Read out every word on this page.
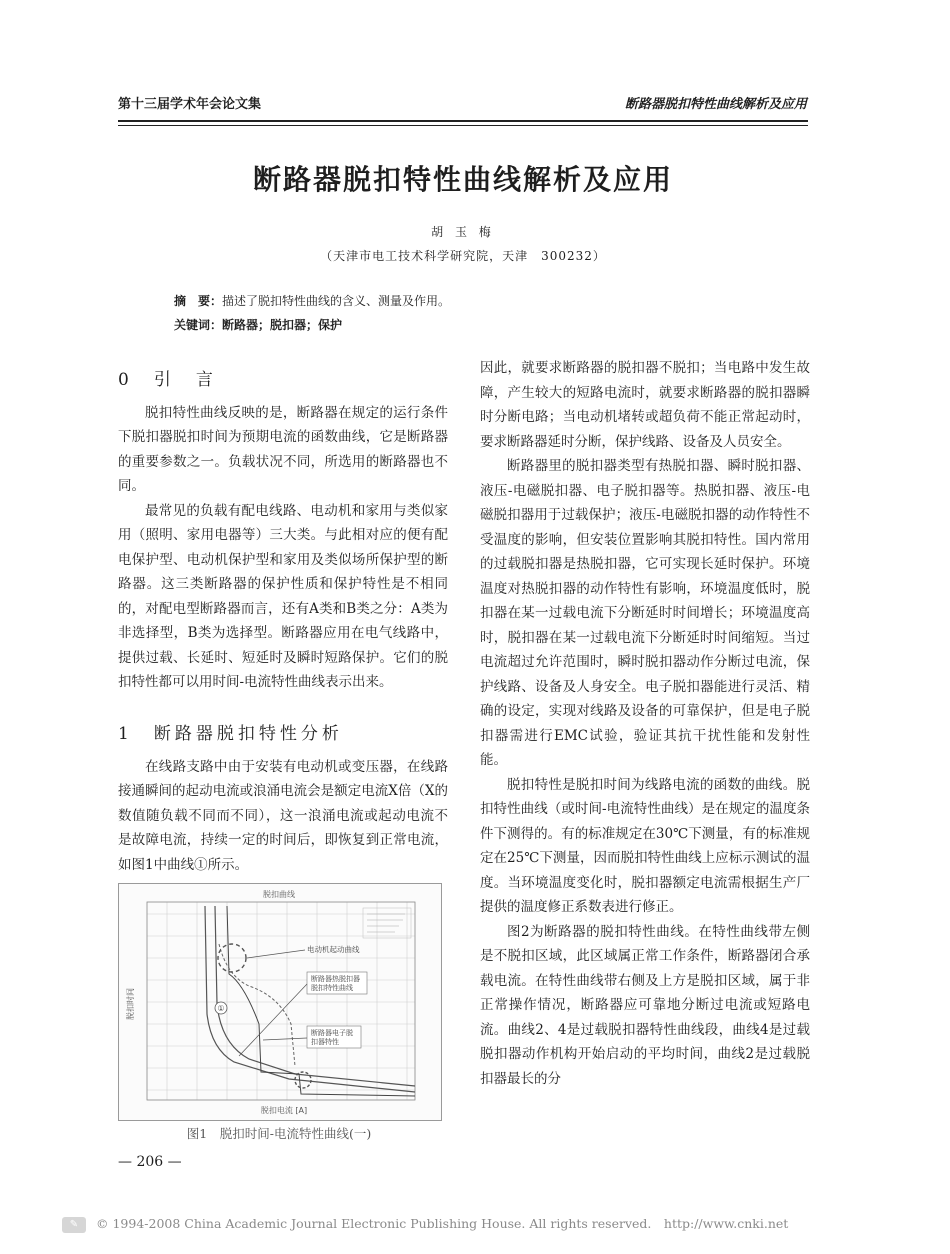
第十三届学术年会论文集	断路器脱扣特性曲线解析及应用
断路器脱扣特性曲线解析及应用
胡 玉 梅
（天津市电工技术科学研究院，天津　300232）
摘　要：描述了脱扣特性曲线的含义、测量及作用。
关键词：断路器；脱扣器；保护
0　引　言

脱扣特性曲线反映的是，断路器在规定的运行条件下脱扣器脱扣时间为预期电流的函数曲线，它是断路器的重要参数之一。负载状况不同，所选用的断路器也不同。

最常见的负载有配电线路、电动机和家用与类似家用（照明、家用电器等）三大类。与此相对应的便有配电保护型、电动机保护型和家用及类似场所保护型的断路器。这三类断路器的保护性质和保护特性是不相同的，对配电型断路器而言，还有A类和B类之分：A类为非选择型，B类为选择型。断路器应用在电气线路中，提供过载、长延时、短延时及瞬时短路保护。它们的脱扣特性都可以用时间-电流特性曲线表示出来。

1　断路器脱扣特性分析

在线路支路中由于安装有电动机或变压器，在线路接通瞬间的起动电流或浪涌电流会是额定电流X倍（X的数值随负载不同而不同），这一浪涌电流或起动电流不是故障电流，持续一定的时间后，即恢复到正常电流，如图1中曲线①所示。

脱扣曲线
脱扣时间
脱扣电流 [A]
①
电动机起动曲线
断路器热脱扣器
脱扣特性曲线
断路器电子脱
扣器特性
图1　脱扣时间-电流特性曲线(一)

因此，就要求断路器的脱扣器不脱扣；当电路中发生故障，产生较大的短路电流时，就要求断路器的脱扣器瞬时分断电路；当电动机堵转或超负荷不能正常起动时，要求断路器延时分断，保护线路、设备及人员安全。

断路器里的脱扣器类型有热脱扣器、瞬时脱扣器、液压-电磁脱扣器、电子脱扣器等。热脱扣器、液压-电磁脱扣器用于过载保护；液压-电磁脱扣器的动作特性不受温度的影响，但安装位置影响其脱扣特性。国内常用的过载脱扣器是热脱扣器，它可实现长延时保护。环境温度对热脱扣器的动作特性有影响，环境温度低时，脱扣器在某一过载电流下分断延时时间增长；环境温度高时，脱扣器在某一过载电流下分断延时时间缩短。当过电流超过允许范围时，瞬时脱扣器动作分断过电流，保护线路、设备及人身安全。电子脱扣器能进行灵活、精确的设定，实现对线路及设备的可靠保护，但是电子脱扣器需进行EMC试验，验证其抗干扰性能和发射性能。

脱扣特性是脱扣时间为线路电流的函数的曲线。脱扣特性曲线（或时间-电流特性曲线）是在规定的温度条件下测得的。有的标准规定在30℃下测量，有的标准规定在25℃下测量，因而脱扣特性曲线上应标示测试的温度。当环境温度变化时，脱扣器额定电流需根据生产厂提供的温度修正系数表进行修正。

图2为断路器的脱扣特性曲线。在特性曲线带左侧是不脱扣区域，此区域属正常工作条件，断路器闭合承载电流。在特性曲线带右侧及上方是脱扣区域，属于非正常操作情况，断路器应可靠地分断过电流或短路电流。曲线2、4是过载脱扣器特性曲线段，曲线4是过载脱扣器动作机构开始启动的平均时间，曲线2是过载脱扣器最长的分

— 206 —
✎ © 1994-2008 China Academic Journal Electronic Publishing House. All rights reserved.　http://www.cnki.net
